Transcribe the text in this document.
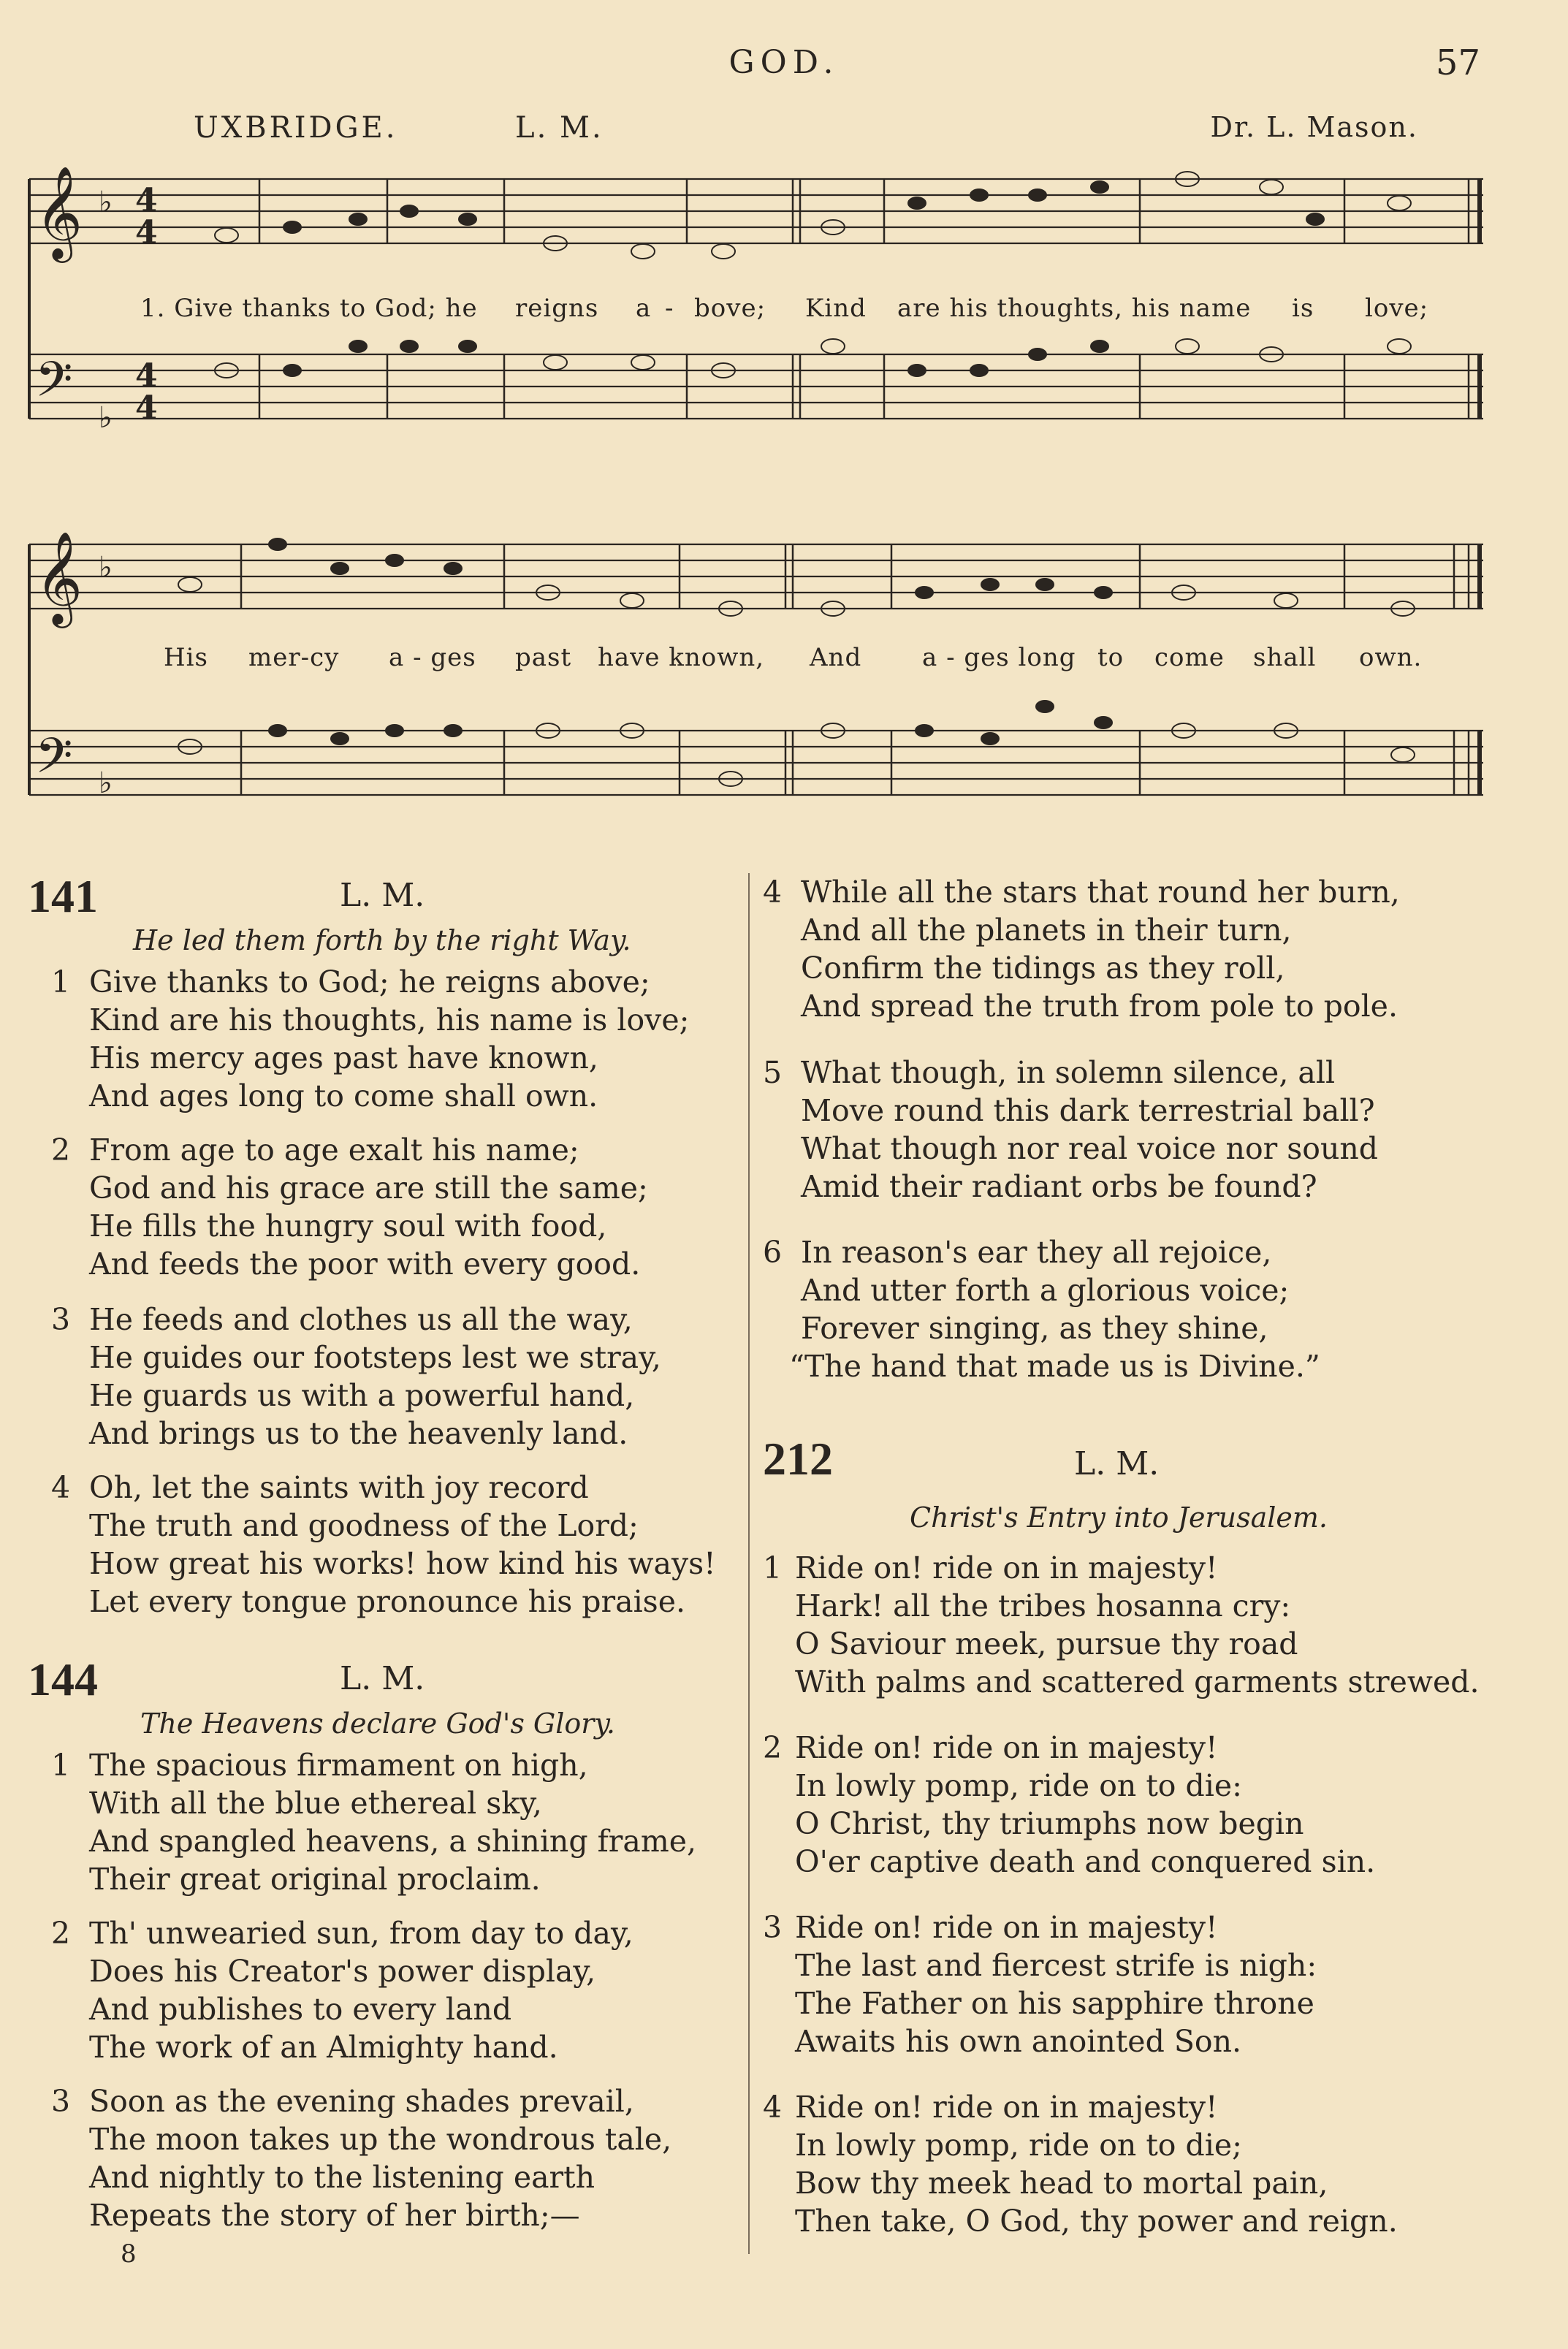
GOD.	57
UXBRIDGE.	L. M.	Dr. L. Mason.
𝄞
𝄢
𝄞
𝄢
♭
♭
♭
♭
4
4
4
4
1. Give thanks to God; he reigns a - bove; Kind are his thoughts, his name is love;
His mer-cy a - ges past have known, And a - ges long to come shall own.
141	L. M.
He led them forth by the right Way.
1 Give thanks to God; he reigns above;
Kind are his thoughts, his name is love;
His mercy ages past have known,
And ages long to come shall own.
2 From age to age exalt his name;
God and his grace are still the same;
He fills the hungry soul with food,
And feeds the poor with every good.
3 He feeds and clothes us all the way,
He guides our footsteps lest we stray,
He guards us with a powerful hand,
And brings us to the heavenly land.
4 Oh, let the saints with joy record
The truth and goodness of the Lord;
How great his works! how kind his ways!
Let every tongue pronounce his praise.
144	L. M.
The Heavens declare God's Glory.
1 The spacious firmament on high,
With all the blue ethereal sky,
And spangled heavens, a shining frame,
Their great original proclaim.
2 Th' unwearied sun, from day to day,
Does his Creator's power display,
And publishes to every land
The work of an Almighty hand.
3 Soon as the evening shades prevail,
The moon takes up the wondrous tale,
And nightly to the listening earth
Repeats the story of her birth;—
8
4 While all the stars that round her burn,
And all the planets in their turn,
Confirm the tidings as they roll,
And spread the truth from pole to pole.
5 What though, in solemn silence, all
Move round this dark terrestrial ball?
What though nor real voice nor sound
Amid their radiant orbs be found?
6 In reason's ear they all rejoice,
And utter forth a glorious voice;
Forever singing, as they shine,
“The hand that made us is Divine.”
212	L. M.
Christ's Entry into Jerusalem.
1 Ride on! ride on in majesty!
Hark! all the tribes hosanna cry:
O Saviour meek, pursue thy road
With palms and scattered garments strewed.
2 Ride on! ride on in majesty!
In lowly pomp, ride on to die:
O Christ, thy triumphs now begin
O'er captive death and conquered sin.
3 Ride on! ride on in majesty!
The last and fiercest strife is nigh:
The Father on his sapphire throne
Awaits his own anointed Son.
4 Ride on! ride on in majesty!
In lowly pomp, ride on to die;
Bow thy meek head to mortal pain,
Then take, O God, thy power and reign.
